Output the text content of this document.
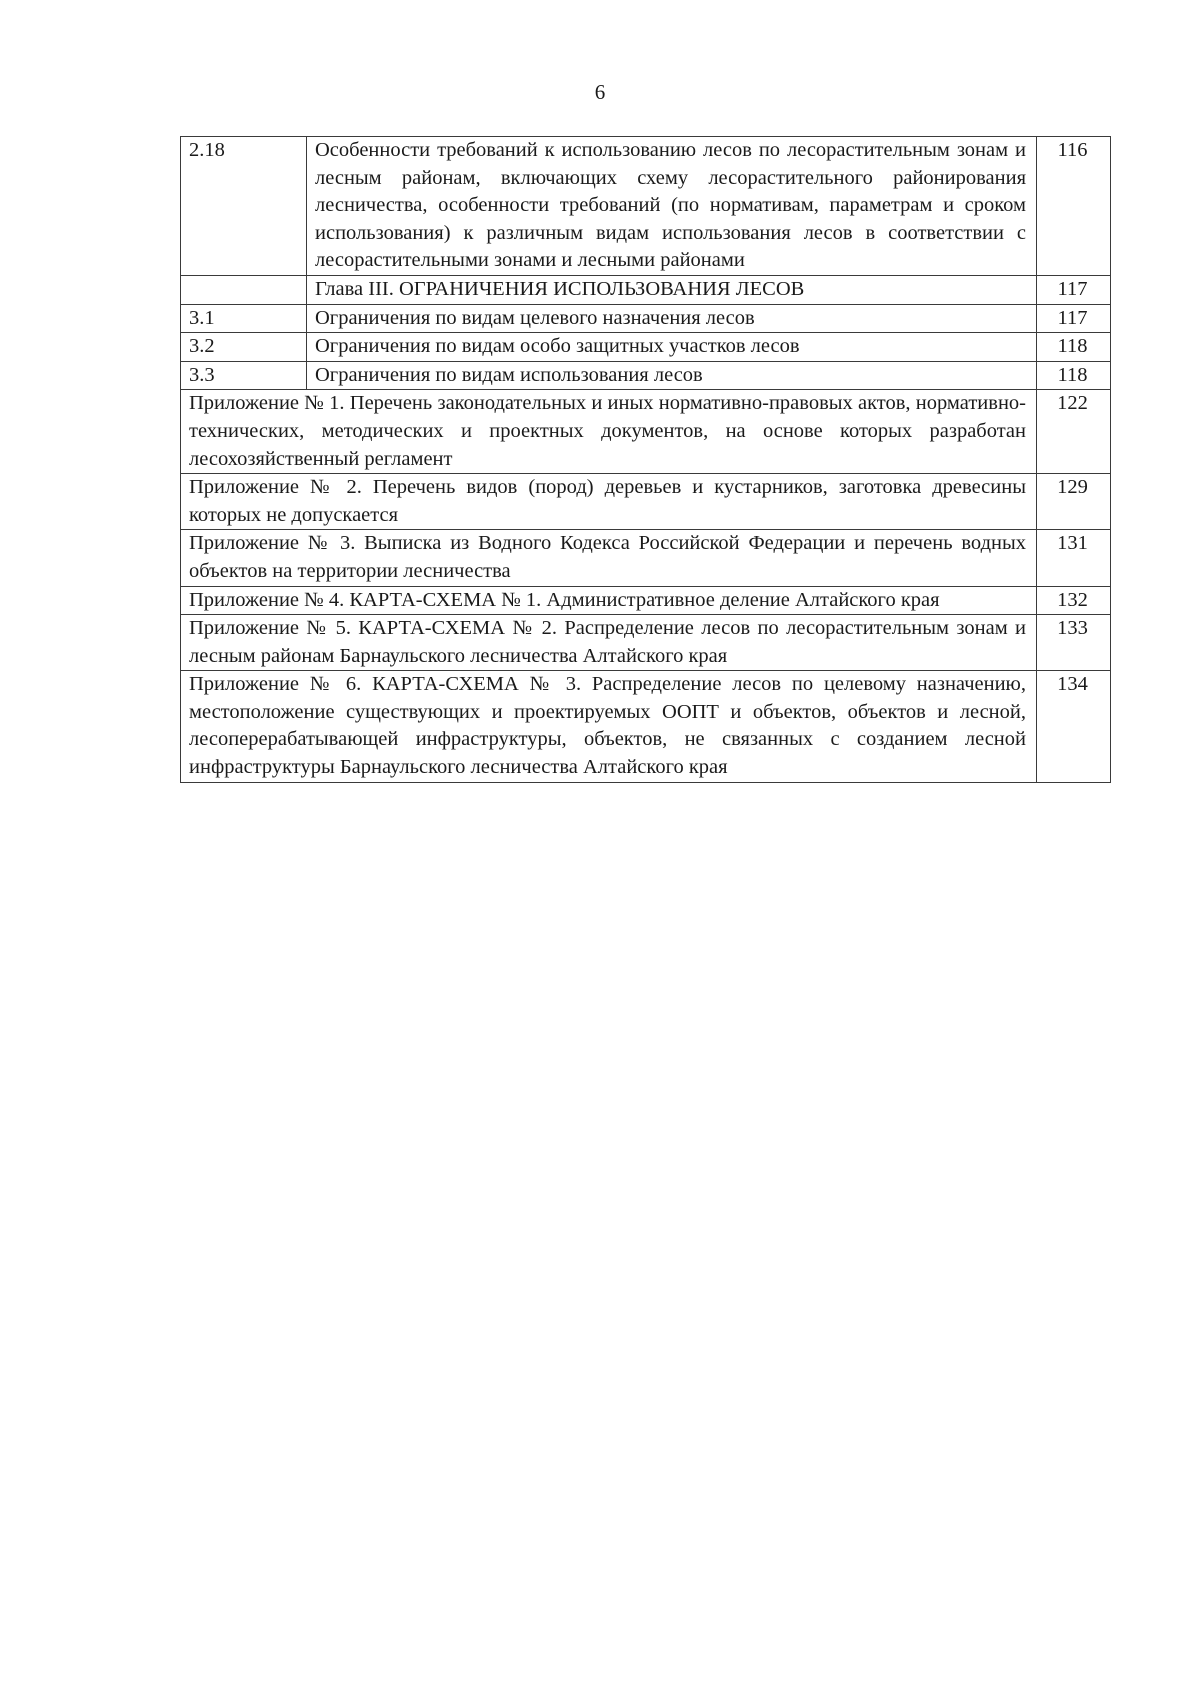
6
2.18	Особенности требований к использованию лесов по лесорастительным зонам и лесным районам, включающих схему лесорастительного районирования лесничества, особенности требований (по нормативам, параметрам и сроком использования) к различным видам использования лесов в соответствии с лесорастительными зонами и лесными районами	116
	Глава III. ОГРАНИЧЕНИЯ ИСПОЛЬЗОВАНИЯ ЛЕСОВ	117
3.1	Ограничения по видам целевого назначения лесов	117
3.2	Ограничения по видам особо защитных участков лесов	118
3.3	Ограничения по видам использования лесов	118
Приложение № 1. Перечень законодательных и иных нормативно-правовых актов, нормативно-технических, методических и проектных документов, на основе которых разработан лесохозяйственный регламент		122
Приложение № 2. Перечень видов (пород) деревьев и кустарников, заготовка древесины которых не допускается		129
Приложение № 3. Выписка из Водного Кодекса Российской Федерации и перечень водных объектов на территории лесничества		131
Приложение № 4. КАРТА-СХЕМА № 1. Административное деление Алтайского края		132
Приложение № 5. КАРТА-СХЕМА № 2. Распределение лесов по лесорастительным зонам и лесным районам Барнаульского лесничества Алтайского края		133
Приложение № 6. КАРТА-СХЕМА № 3. Распределение лесов по целевому назначению, местоположение существующих и проектируемых ООПТ и объектов, объектов и лесной, лесоперерабатывающей инфраструктуры, объектов, не связанных с созданием лесной инфраструктуры Барнаульского лесничества Алтайского края		134
